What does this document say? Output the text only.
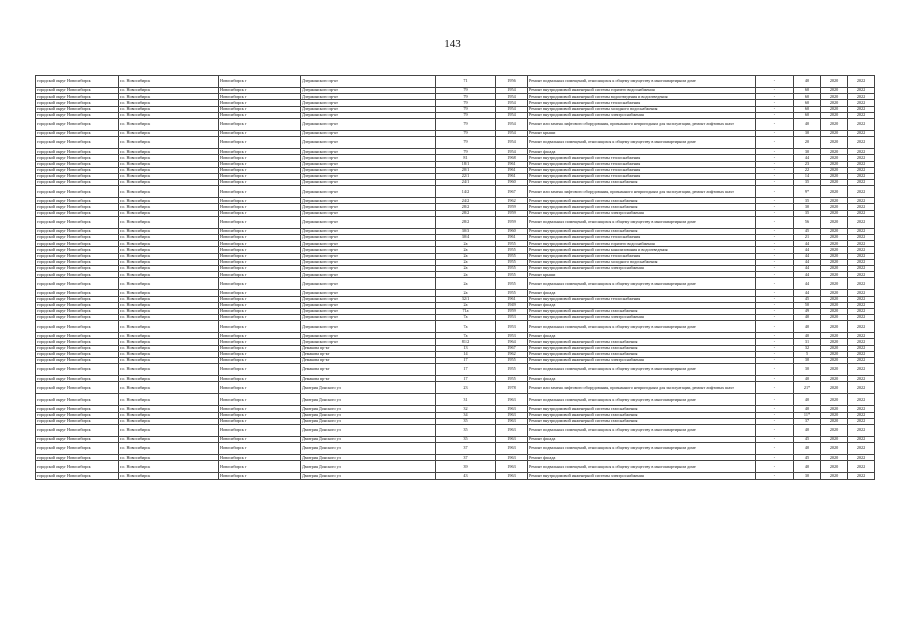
143
городской округ Новосибирск	г.о. Новосибирск	Новосибирск г	Дзержинского пр-кт	71	1956	Ремонт подвальных помещений, относящихся к общему имуществу в многоквартирном доме	-	40	2020	2022
городской округ Новосибирск	г.о. Новосибирск	Новосибирск г	Дзержинского пр-кт	79	1954	Ремонт внутридомовой инженерной системы горячего водоснабжения	-	60	2020	2022
городской округ Новосибирск	г.о. Новосибирск	Новосибирск г	Дзержинского пр-кт	79	1954	Ремонт внутридомовой инженерной системы водоотведения и водоотведения	-	60	2020	2022
городской округ Новосибирск	г.о. Новосибирск	Новосибирск г	Дзержинского пр-кт	79	1954	Ремонт внутридомовой инженерной системы теплоснабжения	-	60	2020	2022
городской округ Новосибирск	г.о. Новосибирск	Новосибирск г	Дзержинского пр-кт	79	1954	Ремонт внутридомовой инженерной системы холодного водоснабжения	-	60	2020	2022
городской округ Новосибирск	г.о. Новосибирск	Новосибирск г	Дзержинского пр-кт	79	1954	Ремонт внутридомовой инженерной системы электроснабжения	-	60	2020	2022
городской округ Новосибирск	г.о. Новосибирск	Новосибирск г	Дзержинского пр-кт	79	1954	Ремонт или замена лифтового оборудования, признанного непригодным для эксплуатации, ремонт лифтовых шахт	-	40	2020	2022
городской округ Новосибирск	г.о. Новосибирск	Новосибирск г	Дзержинского пр-кт	79	1954	Ремонт крыши	-	30	2020	2022
городской округ Новосибирск	г.о. Новосибирск	Новосибирск г	Дзержинского пр-кт	79	1954	Ремонт подвальных помещений, относящихся к общему имуществу в многоквартирном доме	-	20	2020	2022
городской округ Новосибирск	г.о. Новосибирск	Новосибирск г	Дзержинского пр-кт	79	1954	Ремонт фасада	-	30	2020	2022
городской округ Новосибирск	г.о. Новосибирск	Новосибирск г	Дзержинского пр-кт	81	1968	Ремонт внутридомовой инженерной системы теплоснабжения	-	44	2020	2022
городской округ Новосибирск	г.о. Новосибирск	Новосибирск г	Дзержинского пр-кт	18/1	1961	Ремонт внутридомовой инженерной системы теплоснабжения	-	23	2020	2022
городской округ Новосибирск	г.о. Новосибирск	Новосибирск г	Дзержинского пр-кт	20/1	1961	Ремонт внутридомовой инженерной системы теплоснабжения	-	22	2020	2022
городской округ Новосибирск	г.о. Новосибирск	Новосибирск г	Дзержинского пр-кт	22/1	1961	Ремонт внутридомовой инженерной системы теплоснабжения	-	14	2020	2022
городской округ Новосибирск	г.о. Новосибирск	Новосибирск г	Дзержинского пр-кт	24/1	1960	Ремонт внутридомовой инженерной системы газоснабжения	-	35	2020	2022
городской округ Новосибирск	г.о. Новосибирск	Новосибирск г	Дзержинского пр-кт	14/2	1967	Ремонт или замена лифтового оборудования, признанного непригодным для эксплуатации, ремонт лифтовых шахт	-	9*	2020	2022
городской округ Новосибирск	г.о. Новосибирск	Новосибирск г	Дзержинского пр-кт	24/2	1962	Ремонт внутридомовой инженерной системы газоснабжения	-	35	2020	2022
городской округ Новосибирск	г.о. Новосибирск	Новосибирск г	Дзержинского пр-кт	28/2	1959	Ремонт внутридомовой инженерной системы газоснабжения	-	30	2020	2022
городской округ Новосибирск	г.о. Новосибирск	Новосибирск г	Дзержинского пр-кт	28/2	1959	Ремонт внутридомовой инженерной системы электроснабжения	-	35	2020	2022
городской округ Новосибирск	г.о. Новосибирск	Новосибирск г	Дзержинского пр-кт	28/2	1959	Ремонт подвальных помещений, относящихся к общему имуществу в многоквартирном доме	-	56	2020	2022
городской округ Новосибирск	г.о. Новосибирск	Новосибирск г	Дзержинского пр-кт	30/3	1960	Ремонт внутридомовой инженерной системы газоснабжения	-	45	2020	2022
городской округ Новосибирск	г.о. Новосибирск	Новосибирск г	Дзержинского пр-кт	30/4	1961	Ремонт внутридомовой инженерной системы теплоснабжения	-	21	2020	2022
городской округ Новосибирск	г.о. Новосибирск	Новосибирск г	Дзержинского пр-кт	2а	1955	Ремонт внутридомовой инженерной системы горячего водоснабжения	-	44	2020	2022
городской округ Новосибирск	г.о. Новосибирск	Новосибирск г	Дзержинского пр-кт	2а	1955	Ремонт внутридомовой инженерной системы канализования и водоотведения	-	44	2020	2022
городской округ Новосибирск	г.о. Новосибирск	Новосибирск г	Дзержинского пр-кт	2а	1955	Ремонт внутридомовой инженерной системы теплоснабжения	-	44	2020	2022
городской округ Новосибирск	г.о. Новосибирск	Новосибирск г	Дзержинского пр-кт	2а	1955	Ремонт внутридомовой инженерной системы холодного водоснабжения	-	44	2020	2022
городской округ Новосибирск	г.о. Новосибирск	Новосибирск г	Дзержинского пр-кт	2а	1955	Ремонт внутридомовой инженерной системы электроснабжения	-	44	2020	2022
городской округ Новосибирск	г.о. Новосибирск	Новосибирск г	Дзержинского пр-кт	2а	1955	Ремонт крыши	-	44	2020	2022
городской округ Новосибирск	г.о. Новосибирск	Новосибирск г	Дзержинского пр-кт	2а	1955	Ремонт подвальных помещений, относящихся к общему имуществу в многоквартирном доме	-	44	2020	2022
городской округ Новосибирск	г.о. Новосибирск	Новосибирск г	Дзержинского пр-кт	2а	1955	Ремонт фасада	-	44	2020	2022
городской округ Новосибирск	г.о. Новосибирск	Новосибирск г	Дзержинского пр-кт	32/1	1961	Ремонт внутридомовой инженерной системы теплоснабжения	-	45	2020	2022
городской округ Новосибирск	г.о. Новосибирск	Новосибирск г	Дзержинского пр-кт	2а	1949	Ремонт фасада	-	50	2020	2022
городской округ Новосибирск	г.о. Новосибирск	Новосибирск г	Дзержинского пр-кт	71а	1959	Ремонт внутридомовой инженерной системы газоснабжения	-	49	2020	2022
городской округ Новосибирск	г.о. Новосибирск	Новосибирск г	Дзержинского пр-кт	7а	1953	Ремонт внутридомовой инженерной системы электроснабжения	-	40	2020	2022
городской округ Новосибирск	г.о. Новосибирск	Новосибирск г	Дзержинского пр-кт	7а	1953	Ремонт подвальных помещений, относящихся к общему имуществу в многоквартирном доме	-	40	2020	2022
городской округ Новосибирск	г.о. Новосибирск	Новосибирск г	Дзержинского пр-кт	7а	1953	Ремонт фасада	-	40	2020	2022
городской округ Новосибирск	г.о. Новосибирск	Новосибирск г	Дзержинского пр-кт	81/2	1964	Ремонт внутридомовой инженерной системы газоснабжения	-	31	2020	2022
городской округ Новосибирск	г.о. Новосибирск	Новосибирск г	Демакова пр-кт	13	1967	Ремонт внутридомовой инженерной системы газоснабжения	-	32	2020	2022
городской округ Новосибирск	г.о. Новосибирск	Новосибирск г	Демакова пр-кт	14	1962	Ремонт внутридомовой инженерной системы газоснабжения	-	5	2020	2022
городской округ Новосибирск	г.о. Новосибирск	Новосибирск г	Демакова пр-кт	17	1955	Ремонт внутридомовой инженерной системы электроснабжения	-	30	2020	2022
городской округ Новосибирск	г.о. Новосибирск	Новосибирск г	Демакова пр-кт	17	1955	Ремонт подвальных помещений, относящихся к общему имуществу в многоквартирном доме	-	30	2020	2022
городской округ Новосибирск	г.о. Новосибирск	Новосибирск г	Демакова пр-кт	17	1955	Ремонт фасада	-	40	2020	2022
городской округ Новосибирск	г.о. Новосибирск	Новосибирск г	Дмитрия Донского ул	23	1978	Ремонт или замена лифтового оборудования, признанного непригодным для эксплуатации, ремонт лифтовых шахт	-	21*	2020	2022
городской округ Новосибирск	г.о. Новосибирск	Новосибирск г	Дмитрия Донского ул	31	1963	Ремонт подвальных помещений, относящихся к общему имуществу в многоквартирном доме	-	40	2020	2022
городской округ Новосибирск	г.о. Новосибирск	Новосибирск г	Дмитрия Донского ул	32	1963	Ремонт внутридомовой инженерной системы газоснабжения	-	40	2020	2022
городской округ Новосибирск	г.о. Новосибирск	Новосибирск г	Дмитрия Донского ул	34	1963	Ремонт внутридомовой инженерной системы газоснабжения	-	11*	2020	2022
городской округ Новосибирск	г.о. Новосибирск	Новосибирск г	Дмитрия Донского ул	35	1963	Ремонт внутридомовой инженерной системы газоснабжения	-	37	2020	2022
городской округ Новосибирск	г.о. Новосибирск	Новосибирск г	Дмитрия Донского ул	35	1963	Ремонт подвальных помещений, относящихся к общему имуществу в многоквартирном доме	-	40	2020	2022
городской округ Новосибирск	г.о. Новосибирск	Новосибирск г	Дмитрия Донского ул	35	1963	Ремонт фасада	-	45	2020	2022
городской округ Новосибирск	г.о. Новосибирск	Новосибирск г	Дмитрия Донского ул	37	1963	Ремонт подвальных помещений, относящихся к общему имуществу в многоквартирном доме	-	40	2020	2022
городской округ Новосибирск	г.о. Новосибирск	Новосибирск г	Дмитрия Донского ул	37	1963	Ремонт фасада	-	45	2020	2022
городской округ Новосибирск	г.о. Новосибирск	Новосибирск г	Дмитрия Донского ул	39	1963	Ремонт подвальных помещений, относящихся к общему имуществу в многоквартирном доме	-	40	2020	2022
городской округ Новосибирск	г.о. Новосибирск	Новосибирск г	Дмитрия Донского ул	43	1963	Ремонт внутридомовой инженерной системы электроснабжения	-	30	2020	2022
